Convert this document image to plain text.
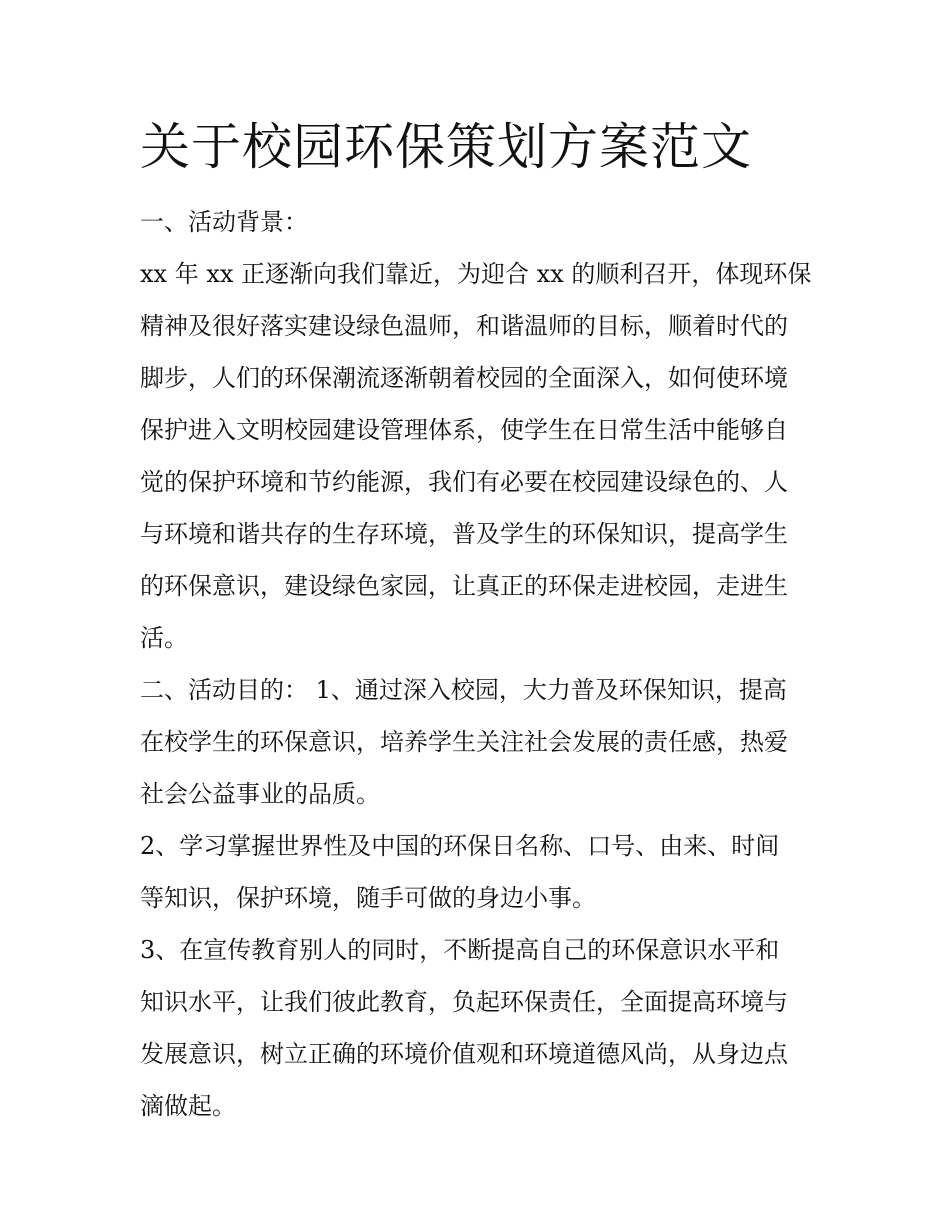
关于校园环保策划方案范文
一、活动背景：
xx 年 xx 正逐渐向我们靠近，为迎合 xx 的顺利召开，体现环保
精神及很好落实建设绿色温师，和谐温师的目标，顺着时代的
脚步，人们的环保潮流逐渐朝着校园的全面深入，如何使环境
保护进入文明校园建设管理体系，使学生在日常生活中能够自
觉的保护环境和节约能源，我们有必要在校园建设绿色的、人
与环境和谐共存的生存环境，普及学生的环保知识，提高学生
的环保意识，建设绿色家园，让真正的环保走进校园，走进生
活。
二、活动目的： 1、通过深入校园，大力普及环保知识，提高
在校学生的环保意识，培养学生关注社会发展的责任感，热爱
社会公益事业的品质。
2、学习掌握世界性及中国的环保日名称、口号、由来、时间
等知识，保护环境，随手可做的身边小事。
3、在宣传教育别人的同时，不断提高自己的环保意识水平和
知识水平，让我们彼此教育，负起环保责任，全面提高环境与
发展意识，树立正确的环境价值观和环境道德风尚，从身边点
滴做起。
